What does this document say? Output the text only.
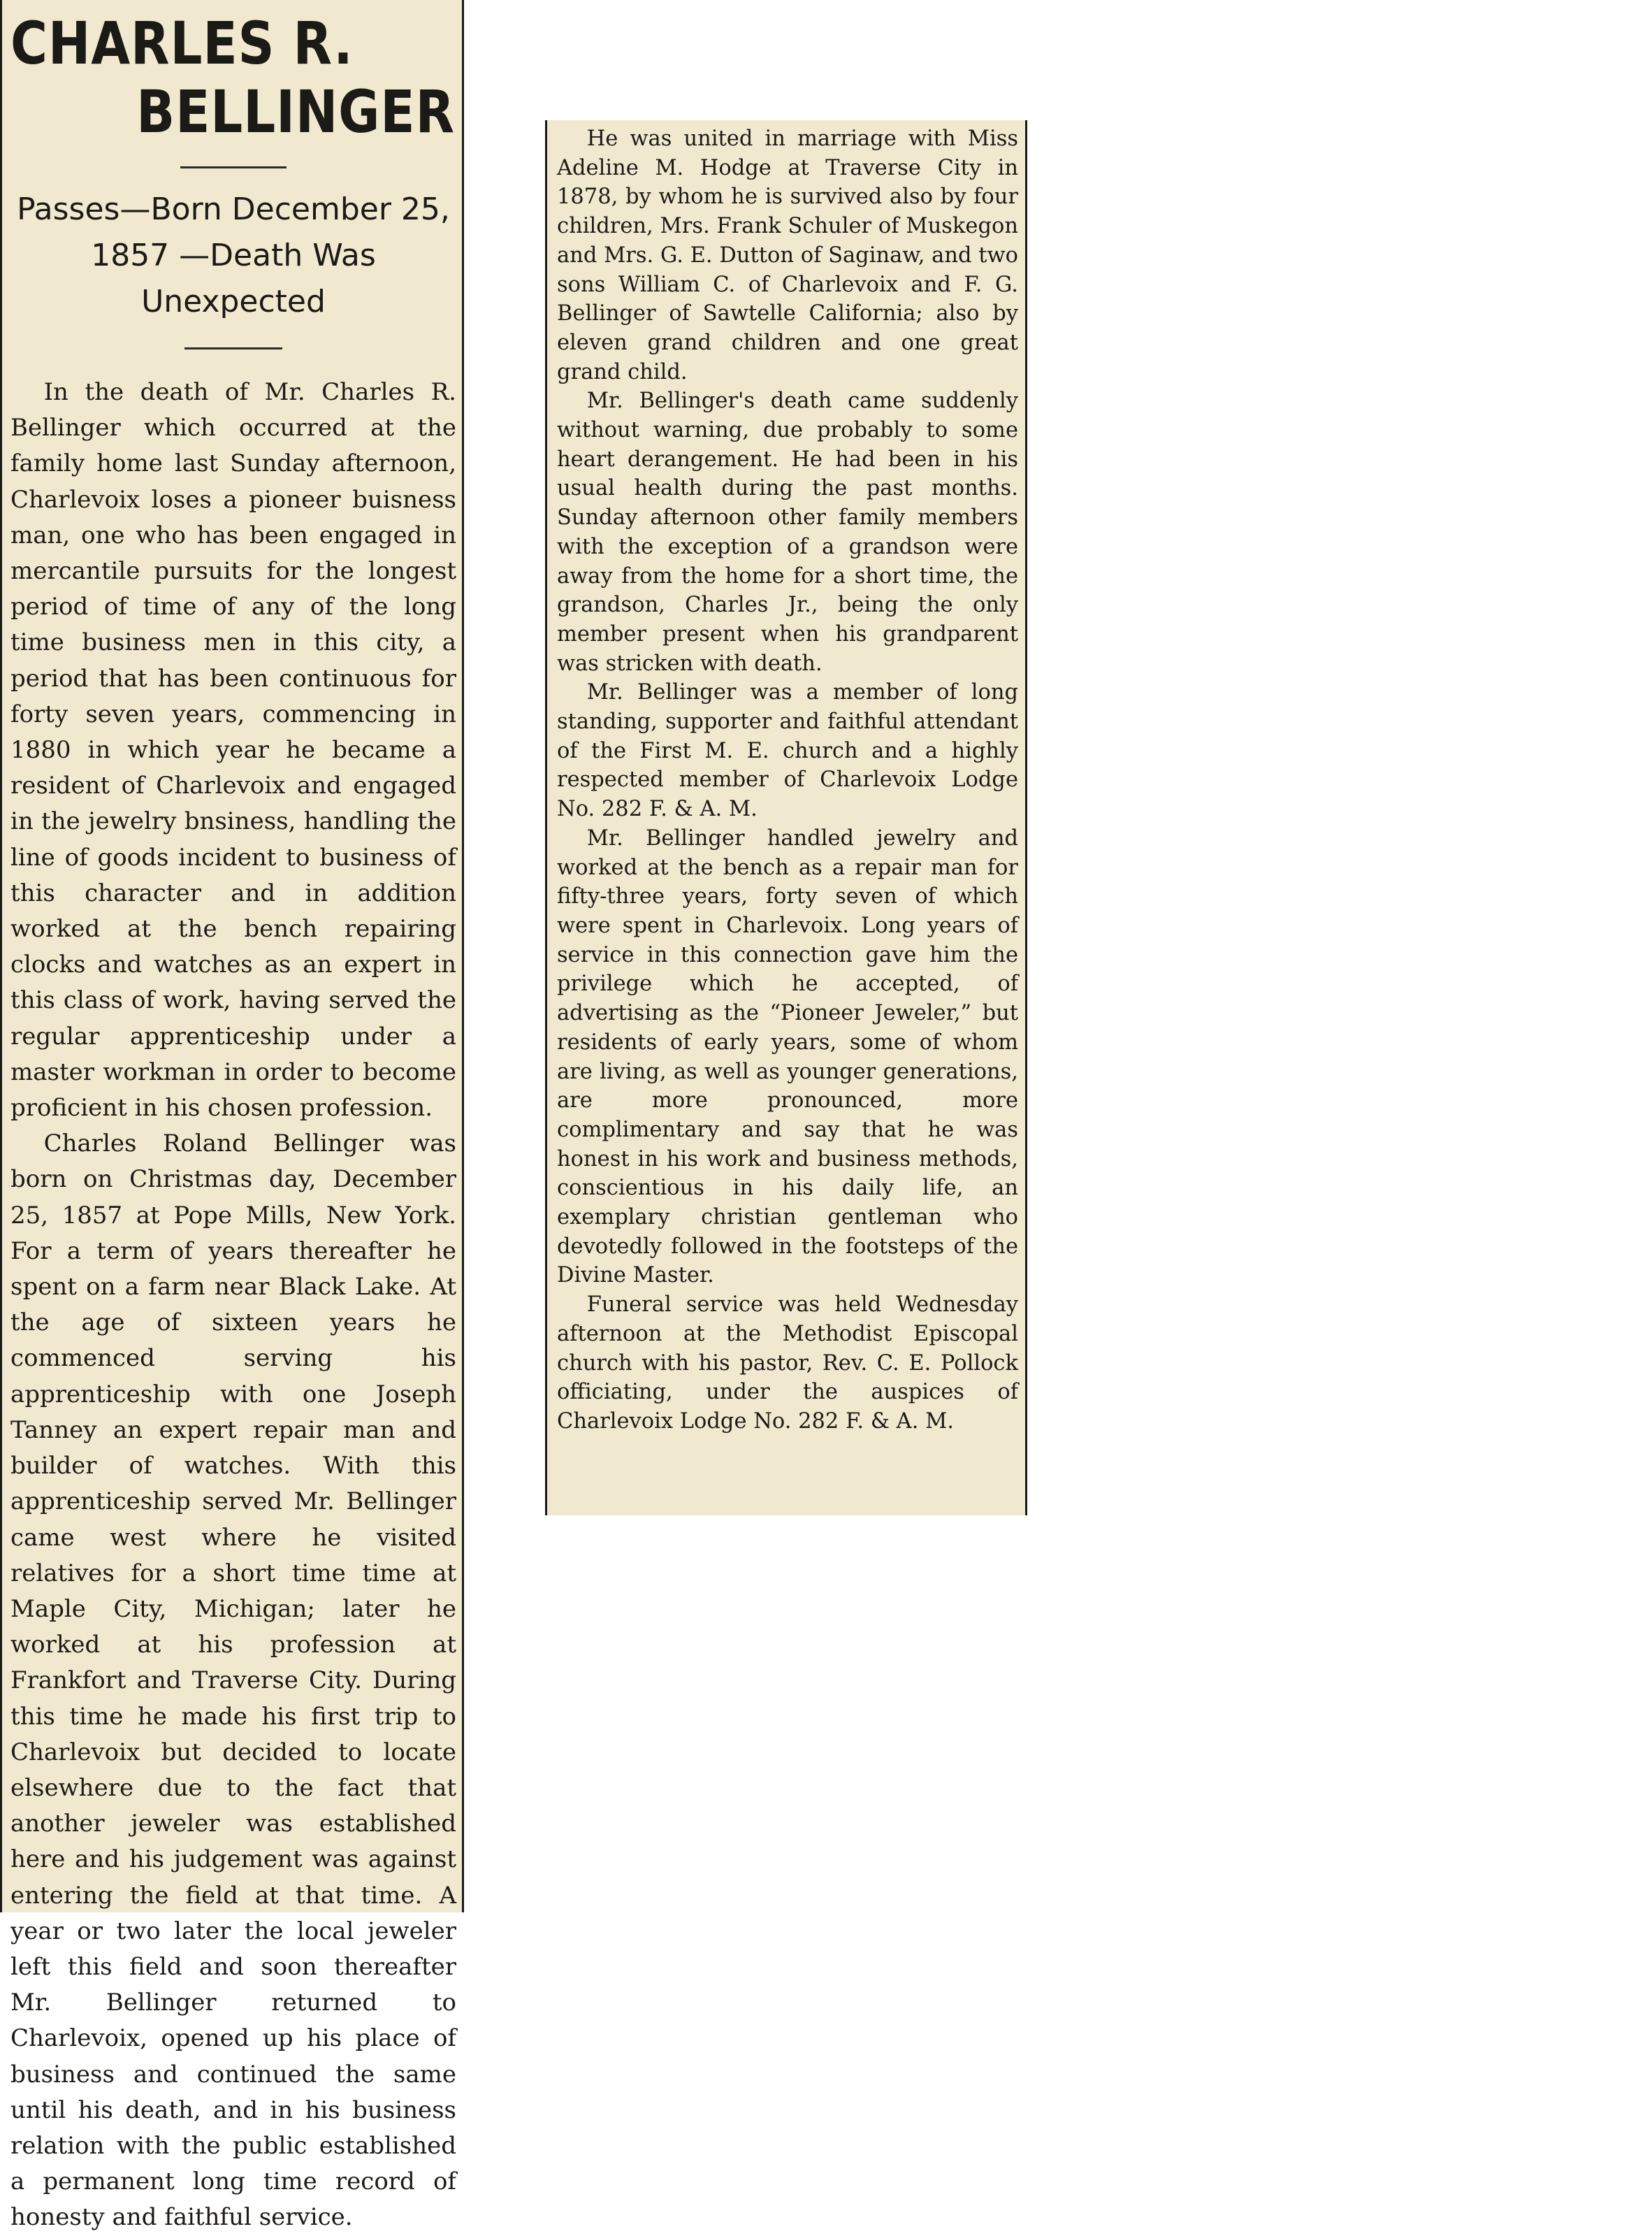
CHARLES R.
BELLINGER
Passes—Born December 25,
1857 —Death Was
Unexpected

In the death of Mr. Charles R. Bellinger which occurred at the family home last Sunday afternoon, Charlevoix loses a pioneer buisness man, one who has been engaged in mercantile pursuits for the longest period of time of any of the long time business men in this city, a period that has been continuous for forty seven years, commencing in 1880 in which year he became a resident of Charlevoix and engaged in the jewelry bnsiness, handling the line of goods incident to business of this character and in addition worked at the bench repairing clocks and watches as an expert in this class of work, having served the regular apprenticeship under a master workman in order to become proficient in his chosen profession.

Charles Roland Bellinger was born on Christmas day, December 25, 1857 at Pope Mills, New York. For a term of years thereafter he spent on a farm near Black Lake. At the age of sixteen years he commenced serving his apprenticeship with one Joseph Tanney an expert repair man and builder of watches. With this apprenticeship served Mr. Bellinger came west where he visited relatives for a short time time at Maple City, Michigan; later he worked at his profession at Frankfort and Traverse City. During this time he made his first trip to Charlevoix but decided to locate elsewhere due to the fact that another jeweler was established here and his judgement was against entering the field at that time. A year or two later the local jeweler left this field and soon thereafter Mr. Bellinger returned to Charlevoix, opened up his place of business and continued the same until his death, and in his business relation with the public established a permanent long time record of honesty and faithful service.

He was united in marriage with Miss Adeline M. Hodge at Traverse City in 1878, by whom he is survived also by four children, Mrs. Frank Schuler of Muskegon and Mrs. G. E. Dutton of Saginaw, and two sons William C. of Charlevoix and F. G. Bellinger of Sawtelle California; also by eleven grand children and one great grand child.

Mr. Bellinger's death came suddenly without warning, due probably to some heart derangement. He had been in his usual health during the past months. Sunday afternoon other family members with the exception of a grandson were away from the home for a short time, the grandson, Charles Jr., being the only member present when his grandparent was stricken with death.

Mr. Bellinger was a member of long standing, supporter and faithful attendant of the First M. E. church and a highly respected member of Charlevoix Lodge No. 282 F. & A. M.

Mr. Bellinger handled jewelry and worked at the bench as a repair man for fifty-three years, forty seven of which were spent in Charlevoix. Long years of service in this connection gave him the privilege which he accepted, of advertising as the “Pioneer Jeweler,” but residents of early years, some of whom are living, as well as younger generations, are more pronounced, more complimentary and say that he was honest in his work and business methods, conscientious in his daily life, an exemplary christian gentleman who devotedly followed in the footsteps of the Divine Master.

Funeral service was held Wednesday afternoon at the Methodist Episcopal church with his pastor, Rev. C. E. Pollock officiating, under the auspices of Charlevoix Lodge No. 282 F. & A. M.
